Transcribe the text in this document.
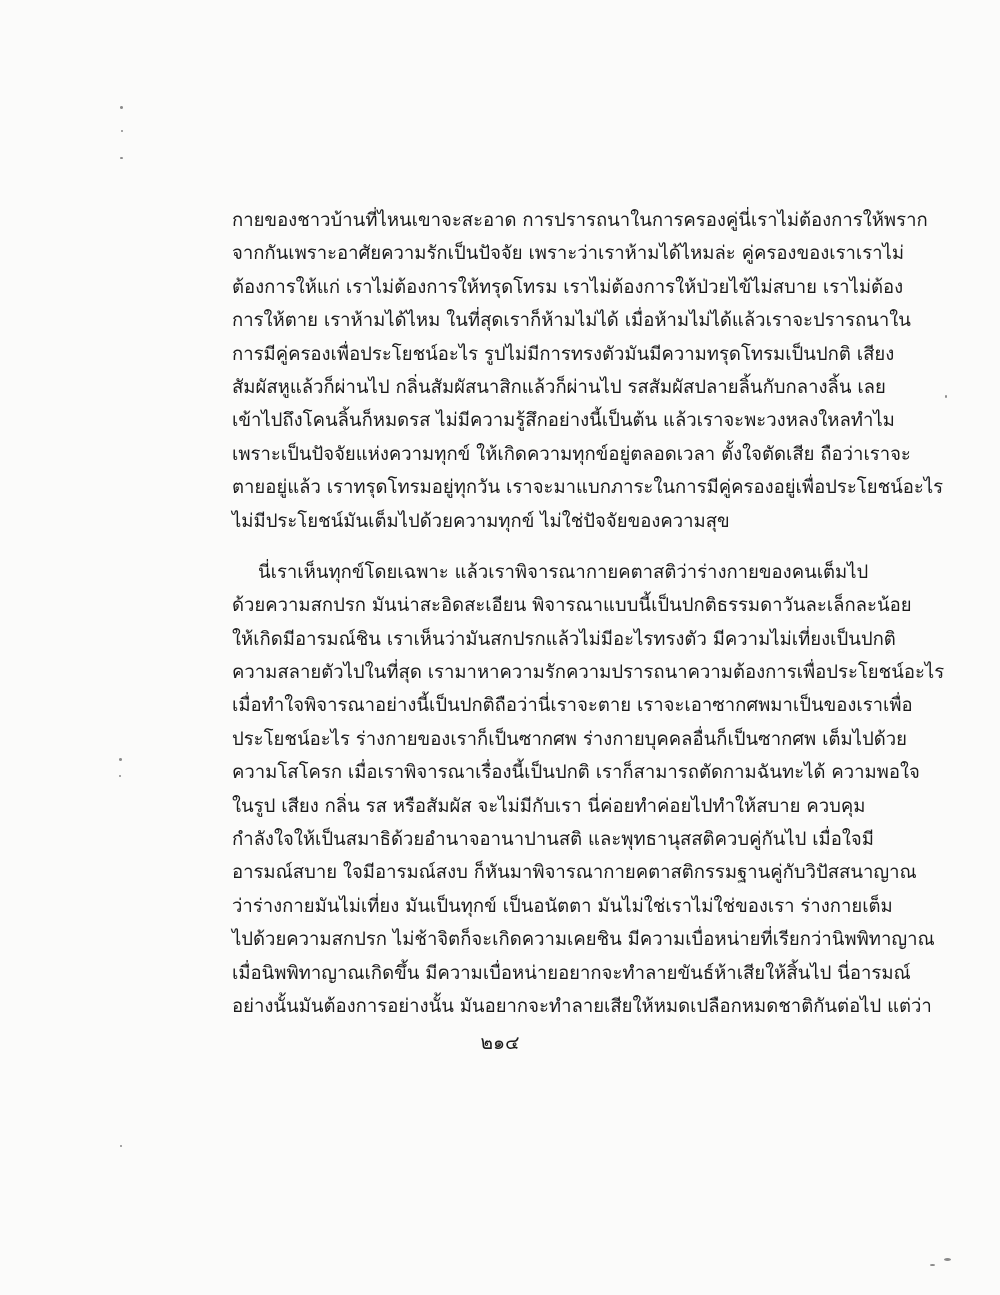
กายของชาวบ้านที่ไหนเขาจะสะอาด การปรารถนาในการครองคู่นี่เราไม่ต้องการให้พราก
จากกันเพราะอาศัยความรักเป็นปัจจัย เพราะว่าเราห้ามได้ไหมล่ะ คู่ครองของเราเราไม่
ต้องการให้แก่ เราไม่ต้องการให้ทรุดโทรม เราไม่ต้องการให้ป่วยไข้ไม่สบาย เราไม่ต้อง
การให้ตาย เราห้ามได้ไหม ในที่สุดเราก็ห้ามไม่ได้ เมื่อห้ามไม่ได้แล้วเราจะปรารถนาใน
การมีคู่ครองเพื่อประโยชน์อะไร รูปไม่มีการทรงตัวมันมีความทรุดโทรมเป็นปกติ เสียง
สัมผัสหูแล้วก็ผ่านไป กลิ่นสัมผัสนาสิกแล้วก็ผ่านไป รสสัมผัสปลายลิ้นกับกลางลิ้น เลย
เข้าไปถึงโคนลิ้นก็หมดรส ไม่มีความรู้สึกอย่างนี้เป็นต้น แล้วเราจะพะวงหลงใหลทำไม
เพราะเป็นปัจจัยแห่งความทุกข์ ให้เกิดความทุกข์อยู่ตลอดเวลา ตั้งใจตัดเสีย ถือว่าเราจะ
ตายอยู่แล้ว เราทรุดโทรมอยู่ทุกวัน เราจะมาแบกภาระในการมีคู่ครองอยู่เพื่อประโยชน์อะไร
ไม่มีประโยชน์มันเต็มไปด้วยความทุกข์ ไม่ใช่ปัจจัยของความสุข
นี่เราเห็นทุกข์โดยเฉพาะ แล้วเราพิจารณากายคตาสติว่าร่างกายของคนเต็มไป
ด้วยความสกปรก มันน่าสะอิดสะเอียน พิจารณาแบบนี้เป็นปกติธรรมดาวันละเล็กละน้อย
ให้เกิดมีอารมณ์ชิน เราเห็นว่ามันสกปรกแล้วไม่มีอะไรทรงตัว มีความไม่เที่ยงเป็นปกติ
ความสลายตัวไปในที่สุด เรามาหาความรักความปรารถนาความต้องการเพื่อประโยชน์อะไร
เมื่อทำใจพิจารณาอย่างนี้เป็นปกติถือว่านี่เราจะตาย เราจะเอาซากศพมาเป็นของเราเพื่อ
ประโยชน์อะไร ร่างกายของเราก็เป็นซากศพ ร่างกายบุคคลอื่นก็เป็นซากศพ เต็มไปด้วย
ความโสโครก เมื่อเราพิจารณาเรื่องนี้เป็นปกติ เราก็สามารถตัดกามฉันทะได้ ความพอใจ
ในรูป เสียง กลิ่น รส หรือสัมผัส จะไม่มีกับเรา นี่ค่อยทำค่อยไปทำให้สบาย ควบคุม
กำลังใจให้เป็นสมาธิด้วยอำนาจอานาปานสติ และพุทธานุสสติควบคู่กันไป เมื่อใจมี
อารมณ์สบาย ใจมีอารมณ์สงบ ก็หันมาพิจารณากายคตาสติกรรมฐานคู่กับวิปัสสนาญาณ
ว่าร่างกายมันไม่เที่ยง มันเป็นทุกข์ เป็นอนัตตา มันไม่ใช่เราไม่ใช่ของเรา ร่างกายเต็ม
ไปด้วยความสกปรก ไม่ช้าจิตก็จะเกิดความเคยชิน มีความเบื่อหน่ายที่เรียกว่านิพพิทาญาณ
เมื่อนิพพิทาญาณเกิดขึ้น มีความเบื่อหน่ายอยากจะทำลายขันธ์ห้าเสียให้สิ้นไป นี่อารมณ์
อย่างนั้นมันต้องการอย่างนั้น มันอยากจะทำลายเสียให้หมดเปลือกหมดชาติกันต่อไป แต่ว่า
๒๑๔
